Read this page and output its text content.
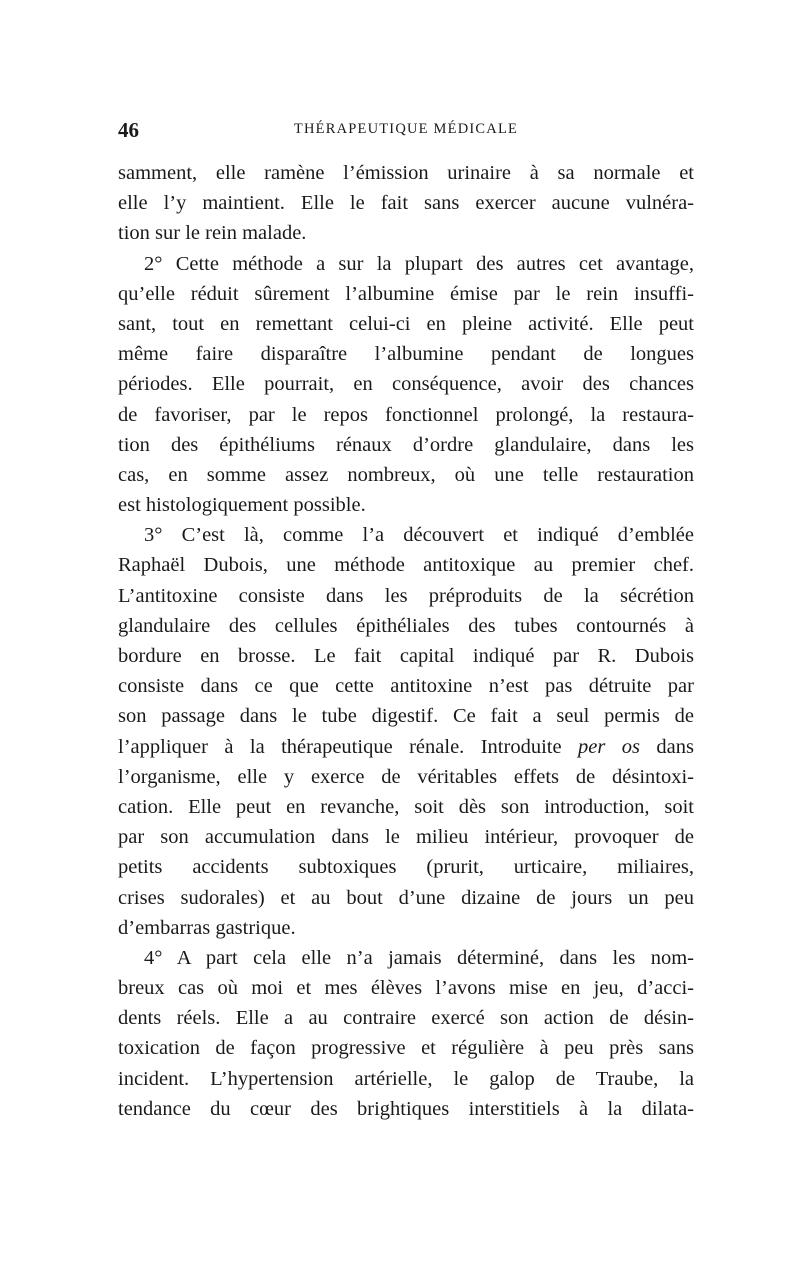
46	THÉRAPEUTIQUE MÉDICALE
samment, elle ramène l’émission urinaire à sa normale et
elle l’y maintient. Elle le fait sans exercer aucune vulnéra-
tion sur le rein malade.
2° Cette méthode a sur la plupart des autres cet avantage,
qu’elle réduit sûrement l’albumine émise par le rein insuffi-
sant, tout en remettant celui-ci en pleine activité. Elle peut
même faire disparaître l’albumine pendant de longues
périodes. Elle pourrait, en conséquence, avoir des chances
de favoriser, par le repos fonctionnel prolongé, la restaura-
tion des épithéliums rénaux d’ordre glandulaire, dans les
cas, en somme assez nombreux, où une telle restauration
est histologiquement possible.
3° C’est là, comme l’a découvert et indiqué d’emblée
Raphaël Dubois, une méthode antitoxique au premier chef.
L’antitoxine consiste dans les préproduits de la sécrétion
glandulaire des cellules épithéliales des tubes contournés à
bordure en brosse. Le fait capital indiqué par R. Dubois
consiste dans ce que cette antitoxine n’est pas détruite par
son passage dans le tube digestif. Ce fait a seul permis de
l’appliquer à la thérapeutique rénale. Introduite per os dans
l’organisme, elle y exerce de véritables effets de désintoxi-
cation. Elle peut en revanche, soit dès son introduction, soit
par son accumulation dans le milieu intérieur, provoquer de
petits accidents subtoxiques (prurit, urticaire, miliaires,
crises sudorales) et au bout d’une dizaine de jours un peu
d’embarras gastrique.
4° A part cela elle n’a jamais déterminé, dans les nom-
breux cas où moi et mes élèves l’avons mise en jeu, d’acci-
dents réels. Elle a au contraire exercé son action de désin-
toxication de façon progressive et régulière à peu près sans
incident. L’hypertension artérielle, le galop de Traube, la
tendance du cœur des brightiques interstitiels à la dilata-
